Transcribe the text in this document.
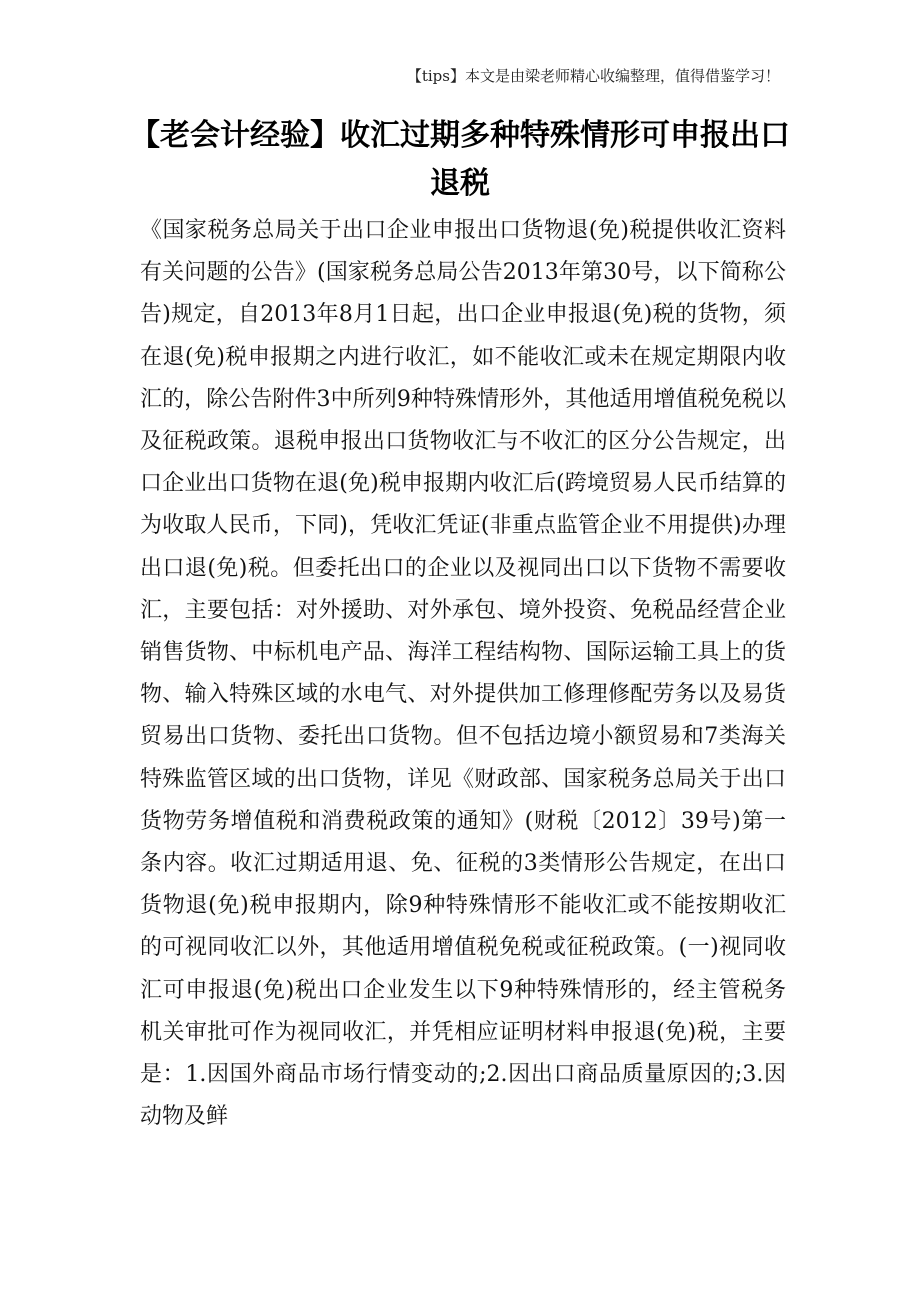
【tips】本文是由梁老师精心收编整理，值得借鉴学习！
【老会计经验】收汇过期多种特殊情形可申报出口退税

《国家税务总局关于出口企业申报出口货物退(免)税提供收汇资料有关问题的公告》(国家税务总局公告2013年第30号，以下简称公告)规定，自2013年8月1日起，出口企业申报退(免)税的货物，须在退(免)税申报期之内进行收汇，如不能收汇或未在规定期限内收汇的，除公告附件3中所列9种特殊情形外，其他适用增值税免税以及征税政策。退税申报出口货物收汇与不收汇的区分公告规定，出口企业出口货物在退(免)税申报期内收汇后(跨境贸易人民币结算的为收取人民币，下同)，凭收汇凭证(非重点监管企业不用提供)办理出口退(免)税。但委托出口的企业以及视同出口以下货物不需要收汇，主要包括：对外援助、对外承包、境外投资、免税品经营企业销售货物、中标机电产品、海洋工程结构物、国际运输工具上的货物、输入特殊区域的水电气、对外提供加工修理修配劳务以及易货贸易出口货物、委托出口货物。但不包括边境小额贸易和7类海关特殊监管区域的出口货物，详见《财政部、国家税务总局关于出口货物劳务增值税和消费税政策的通知》(财税〔2012〕39号)第一条内容。收汇过期适用退、免、征税的3类情形公告规定，在出口货物退(免)税申报期内，除9种特殊情形不能收汇或不能按期收汇的可视同收汇以外，其他适用增值税免税或征税政策。(一)视同收汇可申报退(免)税出口企业发生以下9种特殊情形的，经主管税务机关审批可作为视同收汇，并凭相应证明材料申报退(免)税，主要是：1.因国外商品市场行情变动的;2.因出口商品质量原因的;3.因动物及鲜
